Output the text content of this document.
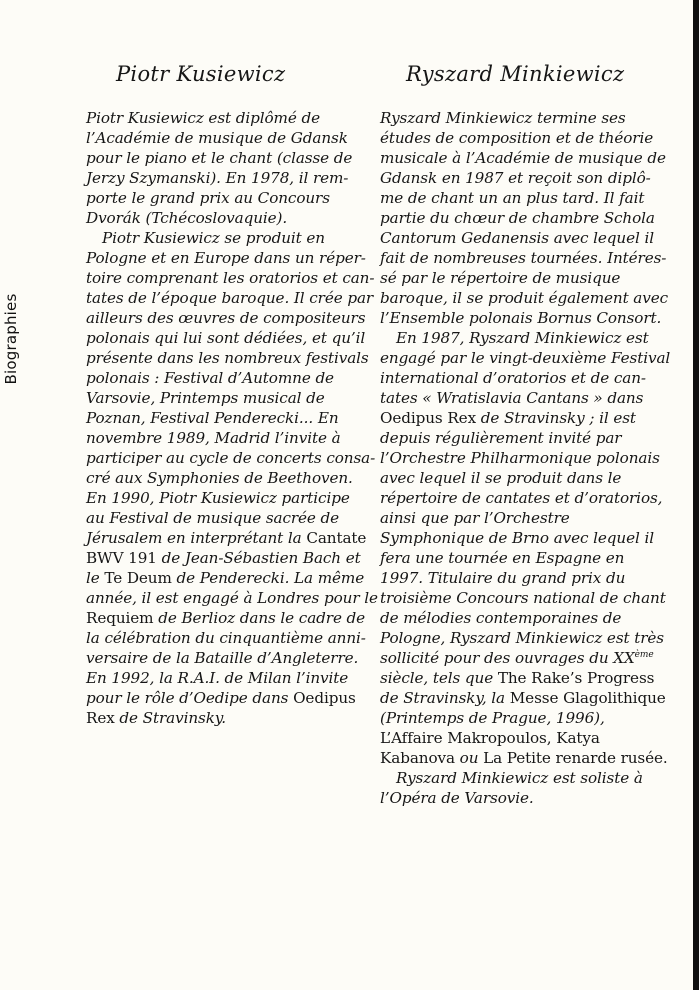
Biographies
Piotr Kusiewicz

Piotr Kusiewicz est diplômé de
l’Académie de musique de Gdansk
pour le piano et le chant (classe de
Jerzy Szymanski). En 1978, il rem-
porte le grand prix au Concours
Dvorák (Tchécoslovaquie).
Piotr Kusiewicz se produit en
Pologne et en Europe dans un réper-
toire comprenant les oratorios et can-
tates de l’époque baroque. Il crée par
ailleurs des œuvres de compositeurs
polonais qui lui sont dédiées, et qu’il
présente dans les nombreux festivals
polonais : Festival d’Automne de
Varsovie, Printemps musical de
Poznan, Festival Penderecki... En
novembre 1989, Madrid l’invite à
participer au cycle de concerts consa-
cré aux Symphonies de Beethoven.
En 1990, Piotr Kusiewicz participe
au Festival de musique sacrée de
Jérusalem en interprétant la Cantate
BWV 191 de Jean-Sébastien Bach et
le Te Deum de Penderecki. La même
année, il est engagé à Londres pour le
Requiem de Berlioz dans le cadre de
la célébration du cinquantième anni-
versaire de la Bataille d’Angleterre.
En 1992, la R.A.I. de Milan l’invite
pour le rôle d’Oedipe dans Oedipus
Rex de Stravinsky.

Ryszard Minkiewicz

Ryszard Minkiewicz termine ses
études de composition et de théorie
musicale à l’Académie de musique de
Gdansk en 1987 et reçoit son diplô-
me de chant un an plus tard. Il fait
partie du chœur de chambre Schola
Cantorum Gedanensis avec lequel il
fait de nombreuses tournées. Intéres-
sé par le répertoire de musique
baroque, il se produit également avec
l’Ensemble polonais Bornus Consort.
En 1987, Ryszard Minkiewicz est
engagé par le vingt-deuxième Festival
international d’oratorios et de can-
tates « Wratislavia Cantans » dans
Oedipus Rex de Stravinsky ; il est
depuis régulièrement invité par
l’Orchestre Philharmonique polonais
avec lequel il se produit dans le
répertoire de cantates et d’oratorios,
ainsi que par l’Orchestre
Symphonique de Brno avec lequel il
fera une tournée en Espagne en
1997. Titulaire du grand prix du
troisième Concours national de chant
de mélodies contemporaines de
Pologne, Ryszard Minkiewicz est très
sollicité pour des ouvrages du XXème
siècle, tels que The Rake’s Progress
de Stravinsky, la Messe Glagolithique
(Printemps de Prague, 1996),
L’Affaire Makropoulos, Katya
Kabanova ou La Petite renarde rusée.
Ryszard Minkiewicz est soliste à
l’Opéra de Varsovie.
